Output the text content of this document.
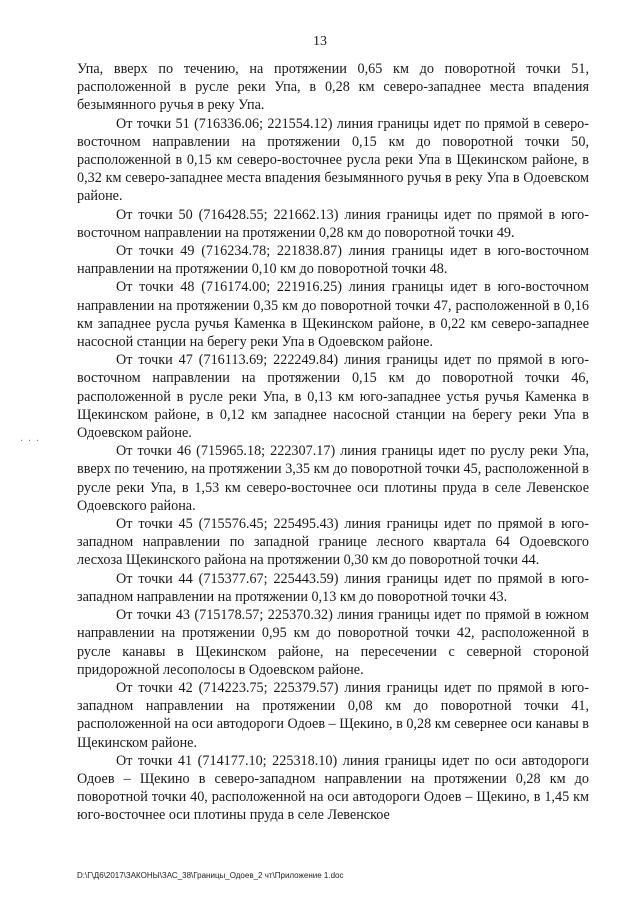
13

Упа, вверх по течению, на протяжении 0,65 км до поворотной точки 51, расположенной в русле реки Упа, в 0,28 км северо-западнее места впадения безымянного ручья в реку Упа.

От точки 51 (716336.06; 221554.12) линия границы идет по прямой в северо-восточном направлении на протяжении 0,15 км до поворотной точки 50, расположенной в 0,15 км северо-восточнее русла реки Упа в Щекинском районе, в 0,32 км северо-западнее места впадения безымянного ручья в реку Упа в Одоевском районе.

От точки 50 (716428.55; 221662.13) линия границы идет по прямой в юго-восточном направлении на протяжении 0,28 км до поворотной точки 49.

От точки 49 (716234.78; 221838.87) линия границы идет в юго-восточном направлении на протяжении 0,10 км до поворотной точки 48.

От точки 48 (716174.00; 221916.25) линия границы идет в юго-восточном направлении на протяжении 0,35 км до поворотной точки 47, расположенной в 0,16 км западнее русла ручья Каменка в Щекинском районе, в 0,22 км северо-западнее насосной станции на берегу реки Упа в Одоевском районе.

От точки 47 (716113.69; 222249.84) линия границы идет по прямой в юго-восточном направлении на протяжении 0,15 км до поворотной точки 46, расположенной в русле реки Упа, в 0,13 км юго-западнее устья ручья Каменка в Щекинском районе, в 0,12 км западнее насосной станции на берегу реки Упа в Одоевском районе.

От точки 46 (715965.18; 222307.17) линия границы идет по руслу реки Упа, вверх по течению, на протяжении 3,35 км до поворотной точки 45, расположенной в русле реки Упа, в 1,53 км северо-восточнее оси плотины пруда в селе Левенское Одоевского района.

От точки 45 (715576.45; 225495.43) линия границы идет по прямой в юго-западном направлении по западной границе лесного квартала 64 Одоевского лесхоза Щекинского района на протяжении 0,30 км до поворотной точки 44.

От точки 44 (715377.67; 225443.59) линия границы идет по прямой в юго-западном направлении на протяжении 0,13 км до поворотной точки 43.

От точки 43 (715178.57; 225370.32) линия границы идет по прямой в южном направлении на протяжении 0,95 км до поворотной точки 42, расположенной в русле канавы в Щекинском районе, на пересечении с северной стороной придорожной лесополосы в Одоевском районе.

От точки 42 (714223.75; 225379.57) линия границы идет по прямой в юго-западном направлении на протяжении 0,08 км до поворотной точки 41, расположенной на оси автодороги Одоев – Щекино, в 0,28 км севернее оси канавы в Щекинском районе.

От точки 41 (714177.10; 225318.10) линия границы идет по оси автодороги Одоев – Щекино в северо-западном направлении на протяжении 0,28 км до поворотной точки 40, расположенной на оси автодороги Одоев – Щекино, в 1,45 км юго-восточнее оси плотины пруда в селе Левенское

· · ·
D:\Г\Д6\2017\ЗАКОНЫ\ЗАС_38\Границы_Одоев_2 чт\Приложение 1.doc
